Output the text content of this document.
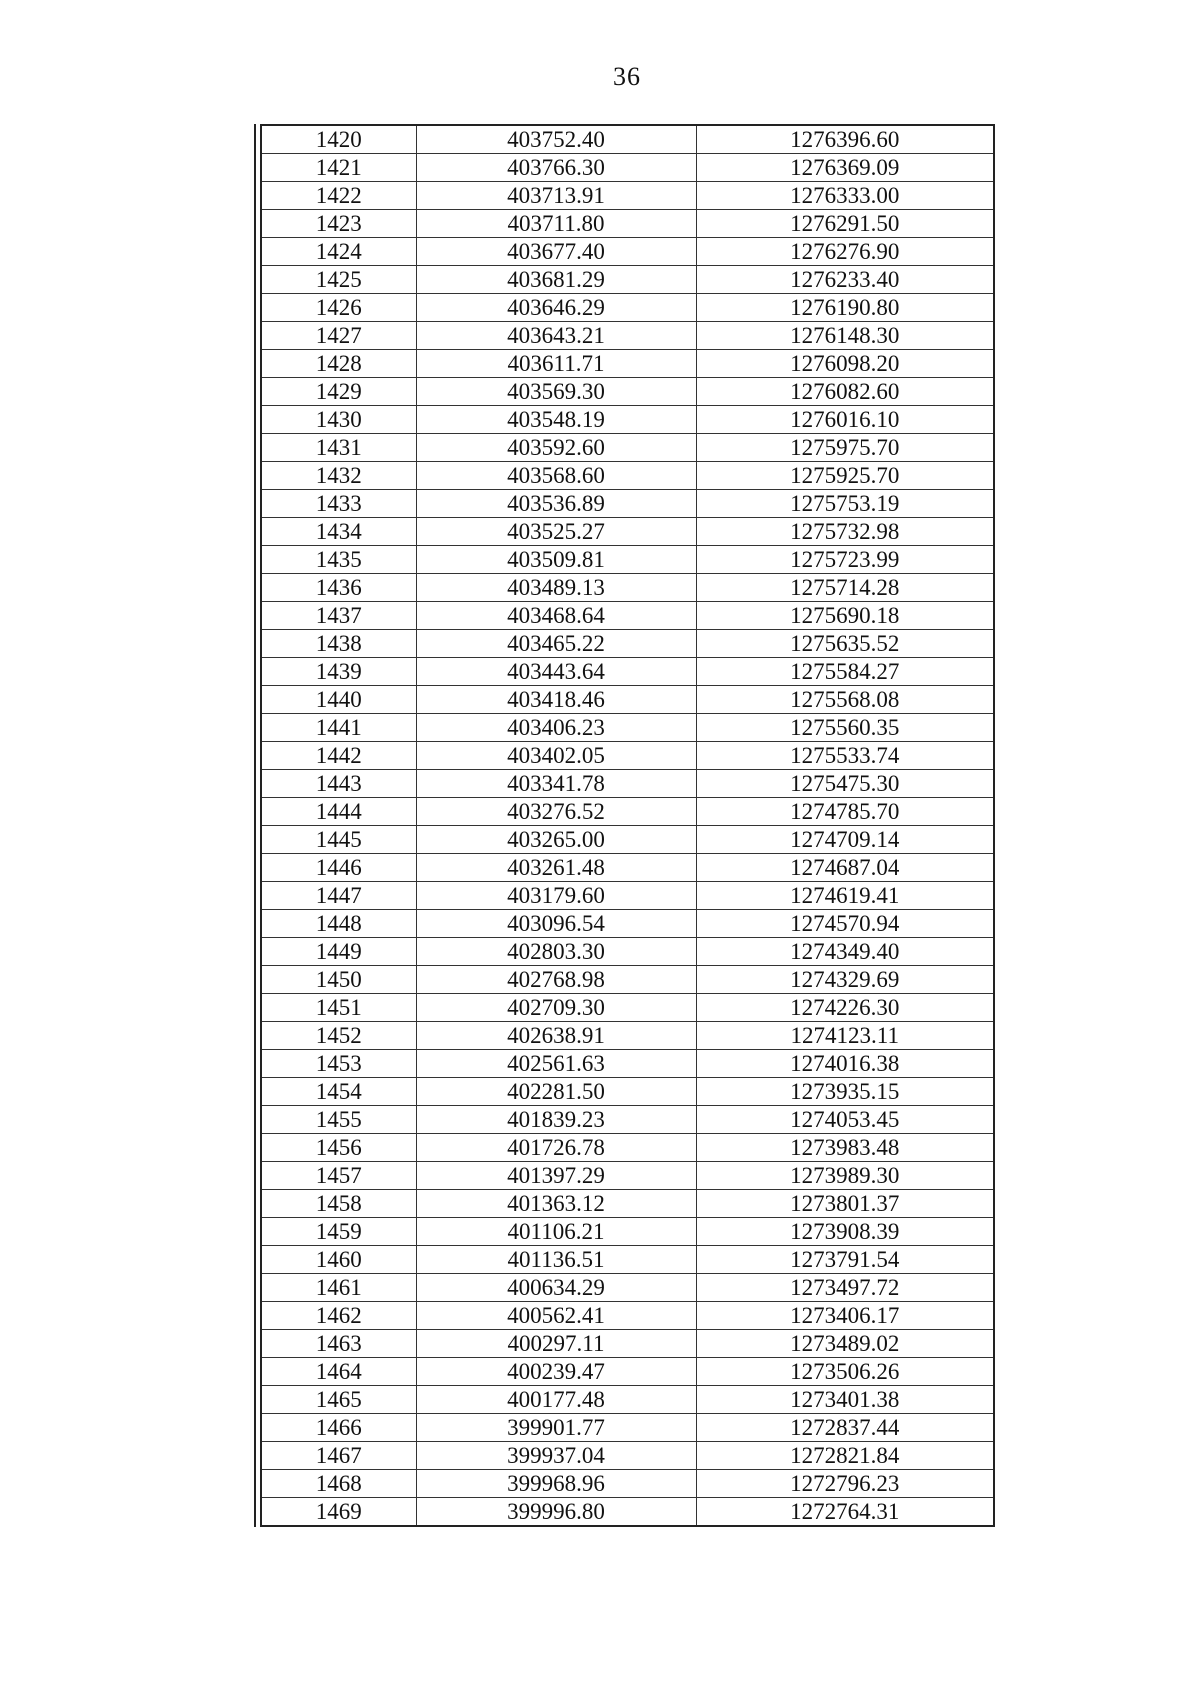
36
1420	403752.40	1276396.60
1421	403766.30	1276369.09
1422	403713.91	1276333.00
1423	403711.80	1276291.50
1424	403677.40	1276276.90
1425	403681.29	1276233.40
1426	403646.29	1276190.80
1427	403643.21	1276148.30
1428	403611.71	1276098.20
1429	403569.30	1276082.60
1430	403548.19	1276016.10
1431	403592.60	1275975.70
1432	403568.60	1275925.70
1433	403536.89	1275753.19
1434	403525.27	1275732.98
1435	403509.81	1275723.99
1436	403489.13	1275714.28
1437	403468.64	1275690.18
1438	403465.22	1275635.52
1439	403443.64	1275584.27
1440	403418.46	1275568.08
1441	403406.23	1275560.35
1442	403402.05	1275533.74
1443	403341.78	1275475.30
1444	403276.52	1274785.70
1445	403265.00	1274709.14
1446	403261.48	1274687.04
1447	403179.60	1274619.41
1448	403096.54	1274570.94
1449	402803.30	1274349.40
1450	402768.98	1274329.69
1451	402709.30	1274226.30
1452	402638.91	1274123.11
1453	402561.63	1274016.38
1454	402281.50	1273935.15
1455	401839.23	1274053.45
1456	401726.78	1273983.48
1457	401397.29	1273989.30
1458	401363.12	1273801.37
1459	401106.21	1273908.39
1460	401136.51	1273791.54
1461	400634.29	1273497.72
1462	400562.41	1273406.17
1463	400297.11	1273489.02
1464	400239.47	1273506.26
1465	400177.48	1273401.38
1466	399901.77	1272837.44
1467	399937.04	1272821.84
1468	399968.96	1272796.23
1469	399996.80	1272764.31
